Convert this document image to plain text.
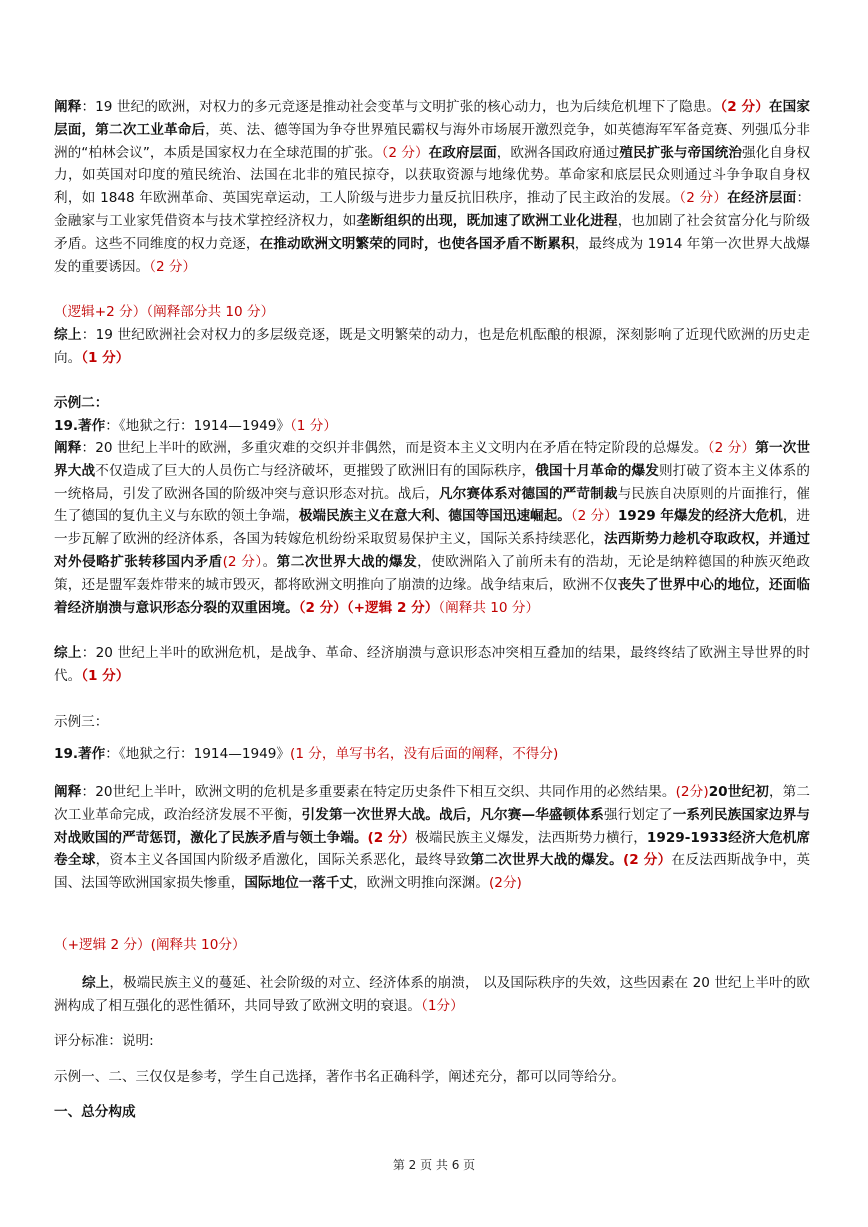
阐释：19 世纪的欧洲，对权力的多元竞逐是推动社会变革与文明扩张的核心动力，也为后续危机埋下了隐患。（2 分）在国家层面，第二次工业革命后，英、法、德等国为争夺世界殖民霸权与海外市场展开激烈竞争，如英德海军军备竞赛、列强瓜分非洲的“柏林会议”，本质是国家权力在全球范围的扩张。（2 分）在政府层面，欧洲各国政府通过殖民扩张与帝国统治强化自身权力，如英国对印度的殖民统治、法国在北非的殖民掠夺，以获取资源与地缘优势。革命家和底层民众则通过斗争争取自身权利，如 1848 年欧洲革命、英国宪章运动，工人阶级与进步力量反抗旧秩序，推动了民主政治的发展。（2 分）在经济层面：金融家与工业家凭借资本与技术掌控经济权力，如垄断组织的出现，既加速了欧洲工业化进程，也加剧了社会贫富分化与阶级矛盾。这些不同维度的权力竞逐，在推动欧洲文明繁荣的同时，也使各国矛盾不断累积，最终成为 1914 年第一次世界大战爆发的重要诱因。（2 分）

（逻辑+2 分）（阐释部分共 10 分）

综上：19 世纪欧洲社会对权力的多层级竞逐，既是文明繁荣的动力，也是危机酝酿的根源，深刻影响了近现代欧洲的历史走向。（1 分）

示例二：

19.著作：《地狱之行：1914—1949》（1 分）

阐释：20 世纪上半叶的欧洲，多重灾难的交织并非偶然，而是资本主义文明内在矛盾在特定阶段的总爆发。（2 分）第一次世界大战不仅造成了巨大的人员伤亡与经济破坏，更摧毁了欧洲旧有的国际秩序，俄国十月革命的爆发则打破了资本主义体系的一统格局，引发了欧洲各国的阶级冲突与意识形态对抗。战后，凡尔赛体系对德国的严苛制裁与民族自决原则的片面推行，催生了德国的复仇主义与东欧的领土争端，极端民族主义在意大利、德国等国迅速崛起。（2 分）1929 年爆发的经济大危机，进一步瓦解了欧洲的经济体系，各国为转嫁危机纷纷采取贸易保护主义，国际关系持续恶化，法西斯势力趁机夺取政权，并通过对外侵略扩张转移国内矛盾(2 分）。第二次世界大战的爆发，使欧洲陷入了前所未有的浩劫，无论是纳粹德国的种族灭绝政策，还是盟军轰炸带来的城市毁灭，都将欧洲文明推向了崩溃的边缘。战争结束后，欧洲不仅丧失了世界中心的地位，还面临着经济崩溃与意识形态分裂的双重困境。（2 分）（+逻辑 2 分）（阐释共 10 分）

综上：20 世纪上半叶的欧洲危机，是战争、革命、经济崩溃与意识形态冲突相互叠加的结果，最终终结了欧洲主导世界的时代。（1 分）

示例三：

19.著作：《地狱之行：1914—1949》(1 分，单写书名，没有后面的阐释，不得分)

阐释：20世纪上半叶，欧洲文明的危机是多重要素在特定历史条件下相互交织、共同作用的必然结果。(2分)20世纪初，第二次工业革命完成，政治经济发展不平衡，引发第一次世界大战。战后，凡尔赛—华盛顿体系强行划定了一系列民族国家边界与对战败国的严苛惩罚，激化了民族矛盾与领土争端。(2 分）极端民族主义爆发，法西斯势力横行，1929-1933经济大危机席卷全球，资本主义各国国内阶级矛盾激化，国际关系恶化，最终导致第二次世界大战的爆发。(2 分）在反法西斯战争中，英国、法国等欧洲国家损失惨重，国际地位一落千丈，欧洲文明推向深渊。(2分)

（+逻辑 2 分）(阐释共 10分）

综上，极端民族主义的蔓延、社会阶级的对立、经济体系的崩溃， 以及国际秩序的失效，这些因素在 20 世纪上半叶的欧洲构成了相互强化的恶性循环，共同导致了欧洲文明的衰退。（1分）

评分标准：说明:

示例一、二、三仅仅是参考，学生自己选择，著作书名正确科学，阐述充分，都可以同等给分。

一、总分构成

第 2 页 共 6 页
